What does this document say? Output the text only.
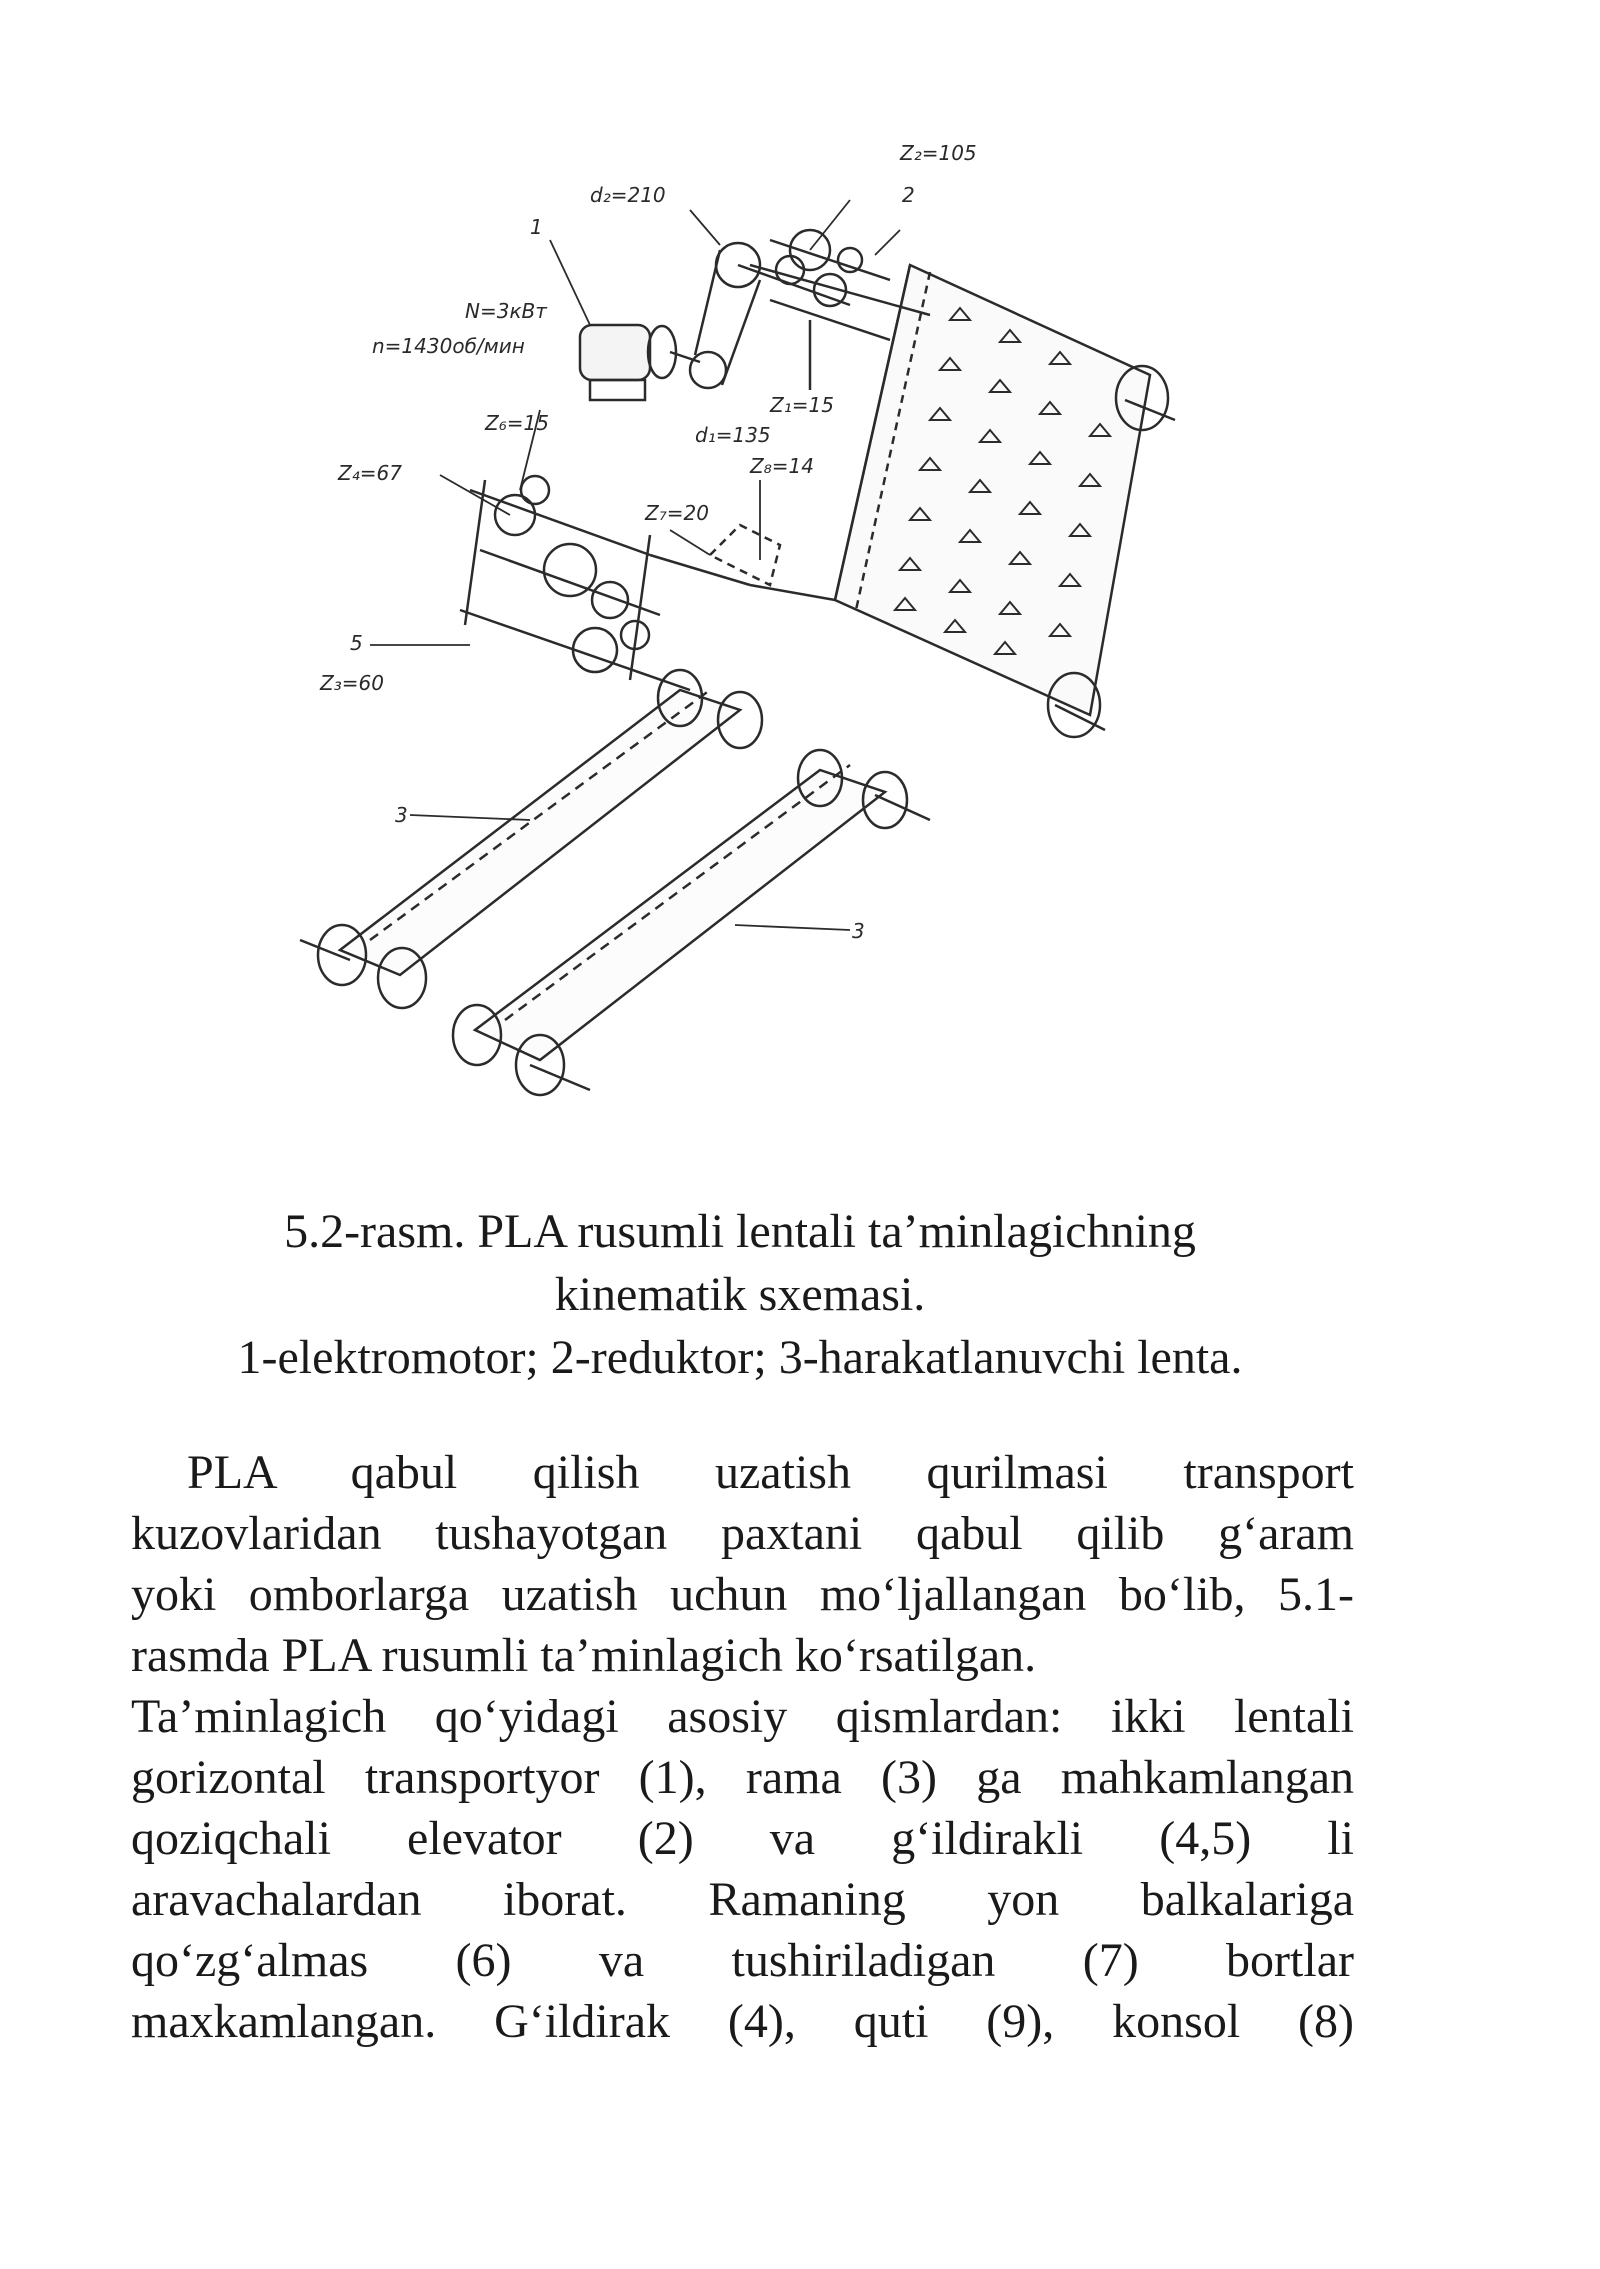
Z₂=105
2
d₂=210
1
N=3кВт
n=1430об/мин
Z₁=15
d₁=135
Z₆=15
Z₄=67
Z₇=20
Z₈=14
5
Z₃=60
3
3
5.2-rasm. PLA rusumli lentali ta’minlagichning
kinematik sxemasi.
1-elektromotor; 2-reduktor; 3-harakatlanuvchi lenta.
PLA qabul qilish uzatish qurilmasi transport
kuzovlaridan tushayotgan paxtani qabul qilib g‘aram
yoki omborlarga uzatish uchun mo‘ljallangan bo‘lib, 5.1-
rasmda PLA rusumli ta’minlagich ko‘rsatilgan.
Ta’minlagich qo‘yidagi asosiy qismlardan: ikki lentali
gorizontal transportyor (1), rama (3) ga mahkamlangan
qoziqchali elevator (2) va g‘ildirakli (4,5) li
aravachalardan iborat. Ramaning yon balkalariga
qo‘zg‘almas (6) va tushiriladigan (7) bortlar
maxkamlangan. G‘ildirak (4), quti (9), konsol (8)
